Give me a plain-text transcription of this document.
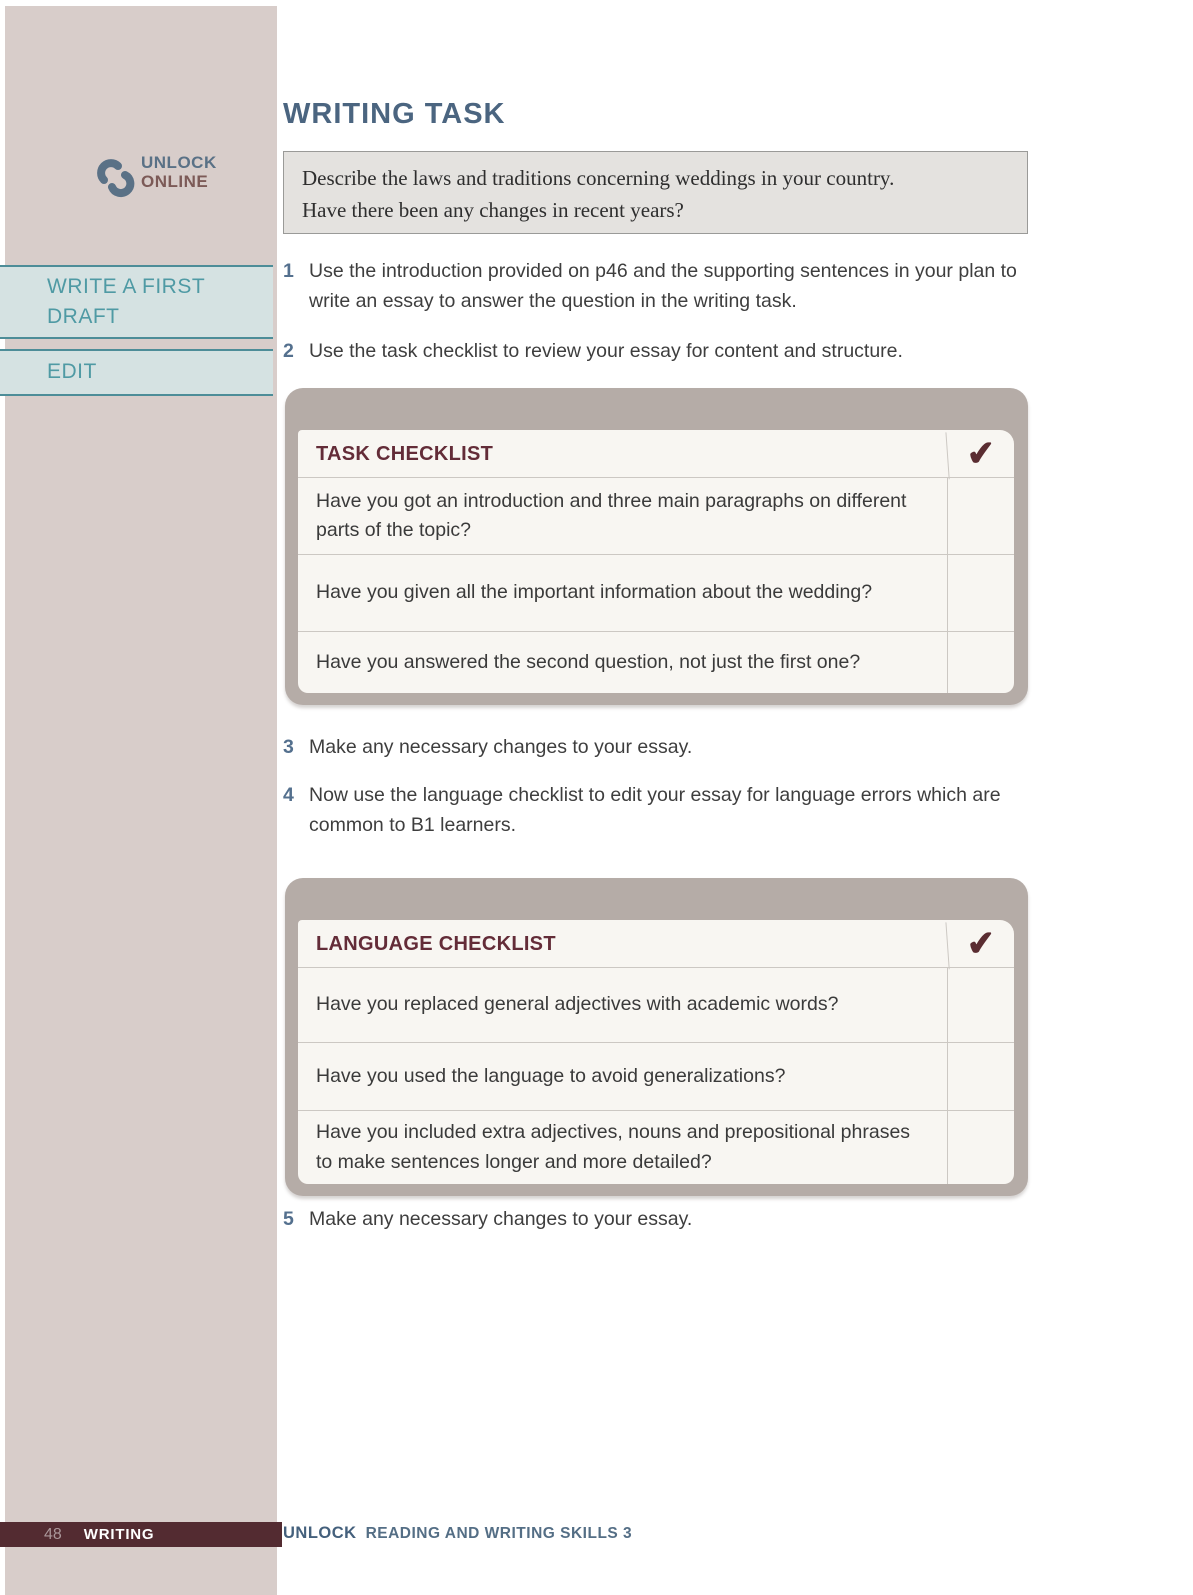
UNLOCK
ONLINE
WRITE A FIRST DRAFT
EDIT
WRITING TASK
Describe the laws and traditions concerning weddings in your country.
Have there been any changes in recent years?
1 Use the introduction provided on p46 and the supporting sentences in your plan to write an essay to answer the question in the writing task.
2 Use the task checklist to review your essay for content and structure.
TASK CHECKLIST	✔
Have you got an introduction and three main paragraphs on different parts of the topic?
Have you given all the important information about the wedding?
Have you answered the second question, not just the first one?
3 Make any necessary changes to your essay.
4 Now use the language checklist to edit your essay for language errors which are common to B1 learners.
LANGUAGE CHECKLIST	✔
Have you replaced general adjectives with academic words?
Have you used the language to avoid generalizations?
Have you included extra adjectives, nouns and prepositional phrases to make sentences longer and more detailed?
5 Make any necessary changes to your essay.
48 WRITING	UNLOCK READING AND WRITING SKILLS 3
